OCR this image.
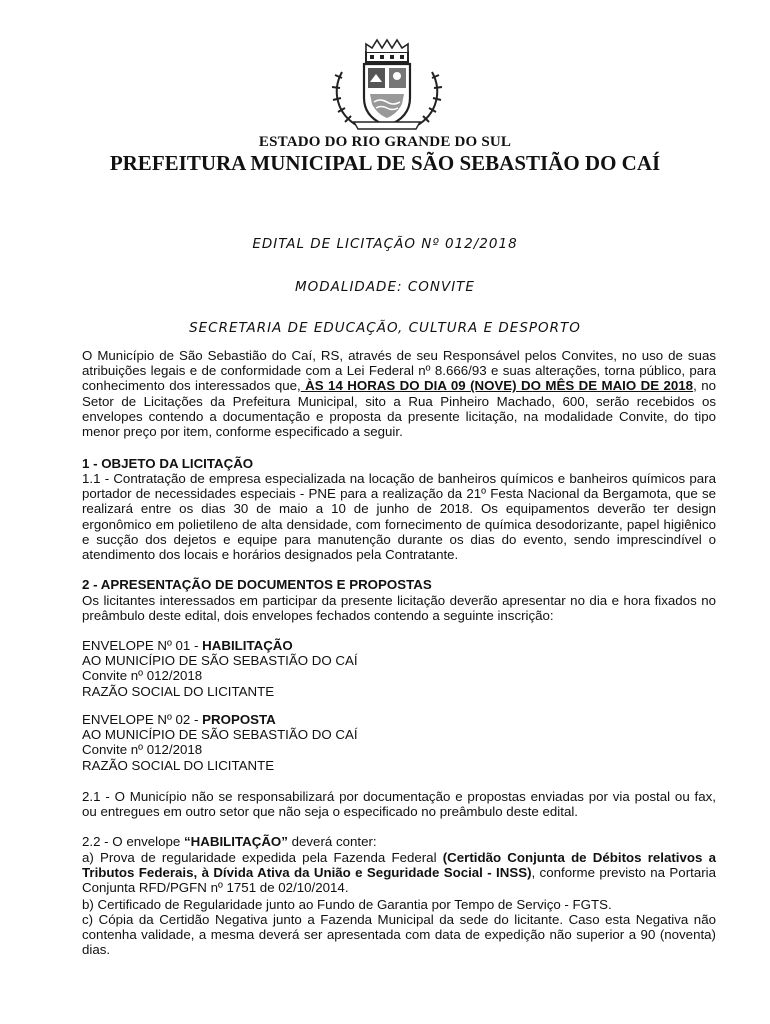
ESTADO DO RIO GRANDE DO SUL
PREFEITURA MUNICIPAL DE SÃO SEBASTIÃO DO CAÍ
EDITAL DE LICITAÇÃO Nº 012/2018
MODALIDADE: CONVITE
SECRETARIA DE EDUCAÇÃO, CULTURA E DESPORTO
O Município de São Sebastião do Caí, RS, através de seu Responsável pelos Convites, no uso de suas atribuições legais e de conformidade com a Lei Federal nº 8.666/93 e suas alterações, torna público, para conhecimento dos interessados que, ÀS 14 HORAS DO DIA 09 (NOVE) DO MÊS DE MAIO DE 2018, no Setor de Licitações da Prefeitura Municipal, sito a Rua Pinheiro Machado, 600, serão recebidos os envelopes contendo a documentação e proposta da presente licitação, na modalidade Convite, do tipo menor preço por item, conforme especificado a seguir.
1 - OBJETO DA LICITAÇÃO
1.1 - Contratação de empresa especializada na locação de banheiros químicos e banheiros químicos para portador de necessidades especiais - PNE para a realização da 21º Festa Nacional da Bergamota, que se realizará entre os dias 30 de maio a 10 de junho de 2018. Os equipamentos deverão ter design ergonômico em polietileno de alta densidade, com fornecimento de química desodorizante, papel higiênico e sucção dos dejetos e equipe para manutenção durante os dias do evento, sendo imprescindível o atendimento dos locais e horários designados pela Contratante.
2 - APRESENTAÇÃO DE DOCUMENTOS E PROPOSTAS
Os licitantes interessados em participar da presente licitação deverão apresentar no dia e hora fixados no preâmbulo deste edital, dois envelopes fechados contendo a seguinte inscrição:
ENVELOPE Nº 01 - HABILITAÇÃO
AO MUNICÍPIO DE SÃO SEBASTIÃO DO CAÍ
Convite nº 012/2018
RAZÃO SOCIAL DO LICITANTE
ENVELOPE Nº 02 - PROPOSTA
AO MUNICÍPIO DE SÃO SEBASTIÃO DO CAÍ
Convite nº 012/2018
RAZÃO SOCIAL DO LICITANTE
2.1 - O Município não se responsabilizará por documentação e propostas enviadas por via postal ou fax, ou entregues em outro setor que não seja o especificado no preâmbulo deste edital.
2.2 - O envelope “HABILITAÇÃO” deverá conter:
a) Prova de regularidade expedida pela Fazenda Federal (Certidão Conjunta de Débitos relativos a Tributos Federais, à Dívida Ativa da União e Seguridade Social - INSS), conforme previsto na Portaria Conjunta RFD/PGFN nº 1751 de 02/10/2014.
b) Certificado de Regularidade junto ao Fundo de Garantia por Tempo de Serviço - FGTS.
c) Cópia da Certidão Negativa junto a Fazenda Municipal da sede do licitante. Caso esta Negativa não contenha validade, a mesma deverá ser apresentada com data de expedição não superior a 90 (noventa) dias.
